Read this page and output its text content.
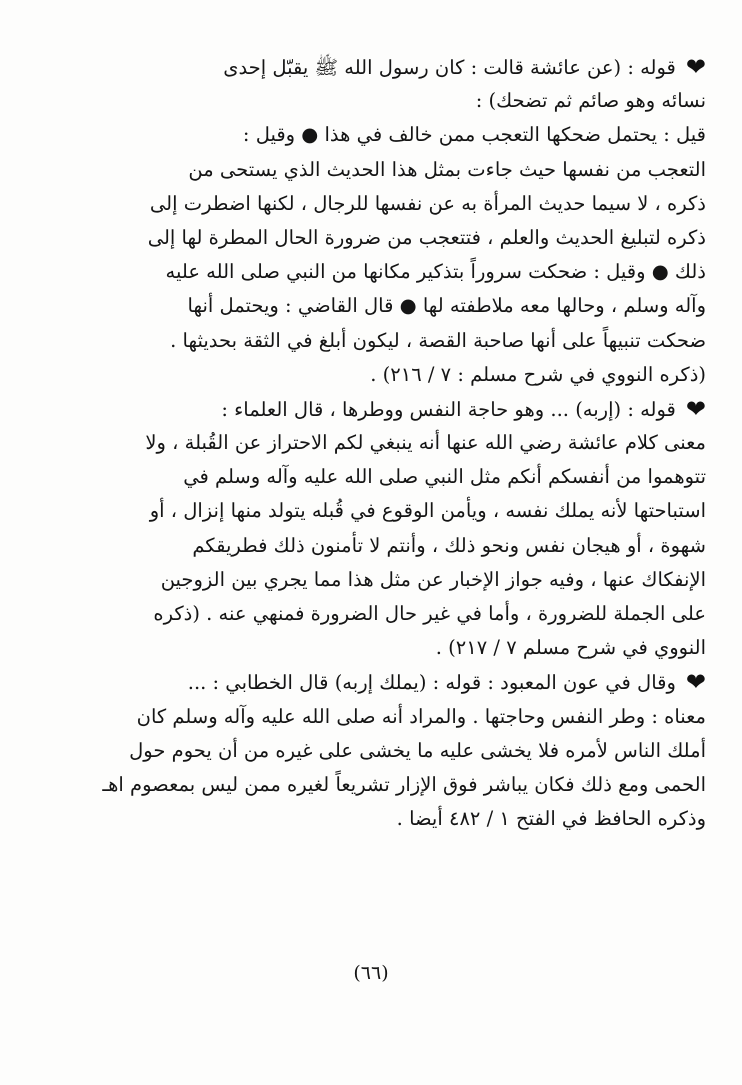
❤قوله : (عن عائشة قالت : كان رسول الله ﷺ يقبّل إحدى
نسائه وهو صائم ثم تضحك) :
قيل : يحتمل ضحكها التعجب ممن خالف في هذا ● وقيل :
التعجب من نفسها حيث جاءت بمثل هذا الحديث الذي يستحى من
ذكره ، لا سيما حديث المرأة به عن نفسها للرجال ، لكنها اضطرت إلى
ذكره لتبليغ الحديث والعلم ، فتتعجب من ضرورة الحال المطرة لها إلى
ذلك ● وقيل : ضحكت سروراً بتذكير مكانها من النبي صلى الله عليه
وآله وسلم ، وحالها معه ملاطفته لها ● قال القاضي : ويحتمل أنها
ضحكت تنبيهاً على أنها صاحبة القصة ، ليكون أبلغ في الثقة بحديثها .
(ذكره النووي في شرح مسلم : ٧ / ٢١٦) .
❤قوله : (إربه) ... وهو حاجة النفس ووطرها ، قال العلماء :
معنى كلام عائشة رضي الله عنها أنه ينبغي لكم الاحتراز عن القُبلة ، ولا
تتوهموا من أنفسكم أنكم مثل النبي صلى الله عليه وآله وسلم في
استباحتها لأنه يملك نفسه ، ويأمن الوقوع في قُبله يتولد منها إنزال ، أو
شهوة ، أو هيجان نفس ونحو ذلك ، وأنتم لا تأمنون ذلك فطريقكم
الإنفكاك عنها ، وفيه جواز الإخبار عن مثل هذا مما يجري بين الزوجين
على الجملة للضرورة ، وأما في غير حال الضرورة فمنهي عنه . (ذكره
النووي في شرح مسلم ٧ / ٢١٧) .
❤وقال في عون المعبود : قوله : (يملك إربه) قال الخطابي : ...
معناه : وطر النفس وحاجتها . والمراد أنه صلى الله عليه وآله وسلم كان
أملك الناس لأمره فلا يخشى عليه ما يخشى على غيره من أن يحوم حول
الحمى ومع ذلك فكان يباشر فوق الإزار تشريعاً لغيره ممن ليس بمعصوم اهـ
وذكره الحافظ في الفتح ١ / ٤٨٢ أيضا .
(٦٦)
